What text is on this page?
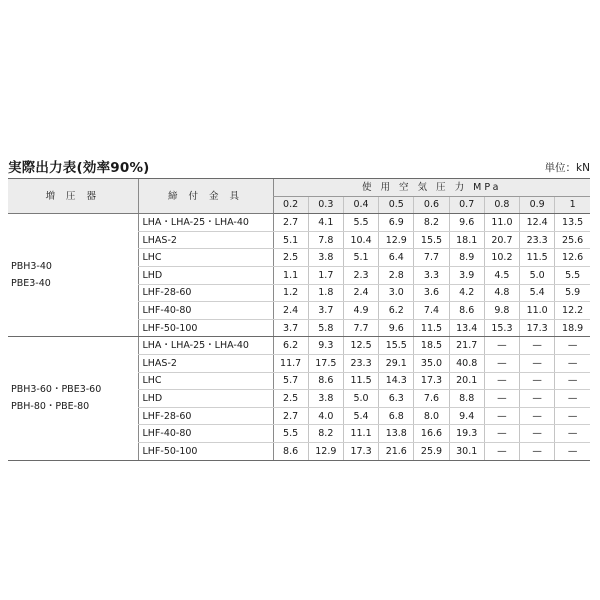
実際出力表(効率90%)	単位：kN
増 圧 器	締 付 金 具	使 用 空 気 圧 力 MPa								
		0.2	0.3	0.4	0.5	0.6	0.7	0.8	0.9	1

PBH3-40
PBE3-40	LHA・LHA-25・LHA-40	2.7	4.1	5.5	6.9	8.2	9.6	11.0	12.4	13.5
	LHAS-2	5.1	7.8	10.4	12.9	15.5	18.1	20.7	23.3	25.6
	LHC	2.5	3.8	5.1	6.4	7.7	8.9	10.2	11.5	12.6
	LHD	1.1	1.7	2.3	2.8	3.3	3.9	4.5	5.0	5.5
	LHF-28-60	1.2	1.8	2.4	3.0	3.6	4.2	4.8	5.4	5.9
	LHF-40-80	2.4	3.7	4.9	6.2	7.4	8.6	9.8	11.0	12.2
	LHF-50-100	3.7	5.8	7.7	9.6	11.5	13.4	15.3	17.3	18.9

PBH3-60・PBE3-60
PBH-80・PBE-80	LHA・LHA-25・LHA-40	6.2	9.3	12.5	15.5	18.5	21.7	—	—	—
	LHAS-2	11.7	17.5	23.3	29.1	35.0	40.8	—	—	—
	LHC	5.7	8.6	11.5	14.3	17.3	20.1	—	—	—
	LHD	2.5	3.8	5.0	6.3	7.6	8.8	—	—	—
	LHF-28-60	2.7	4.0	5.4	6.8	8.0	9.4	—	—	—
	LHF-40-80	5.5	8.2	11.1	13.8	16.6	19.3	—	—	—
	LHF-50-100	8.6	12.9	17.3	21.6	25.9	30.1	—	—	—
